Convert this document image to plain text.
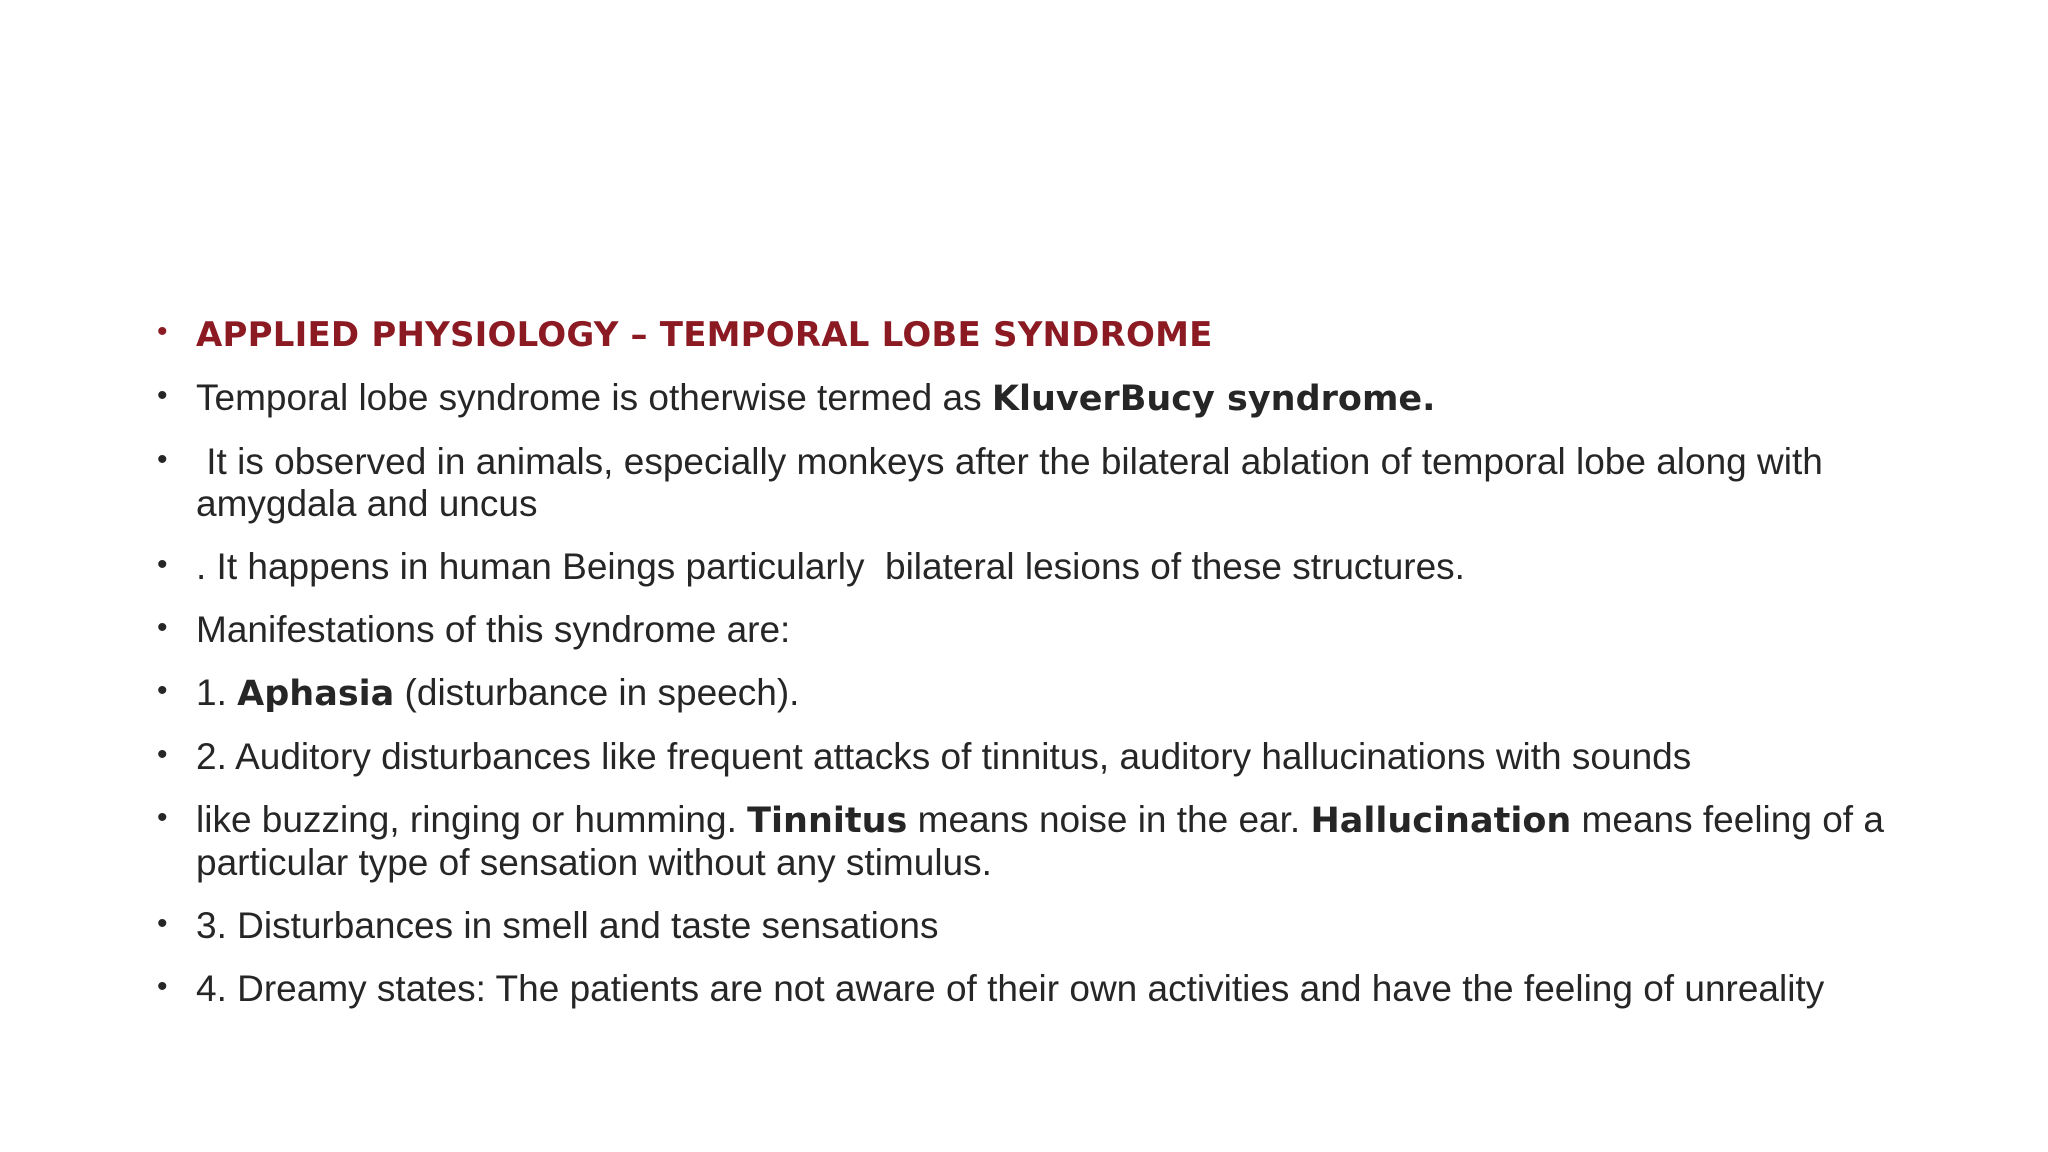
• APPLIED PHYSIOLOGY – TEMPORAL LOBE SYNDROME
• Temporal lobe syndrome is otherwise termed as KluverBucy syndrome.
• It is observed in animals, especially monkeys after the bilateral ablation of temporal lobe along with amygdala and uncus
• . It happens in human Beings particularly  bilateral lesions of these structures.
• Manifestations of this syndrome are:
• 1. Aphasia (disturbance in speech).
• 2. Auditory disturbances like frequent attacks of tinnitus, auditory hallucinations with sounds
• like buzzing, ringing or humming. Tinnitus means noise in the ear. Hallucination means feeling of a particular type of sensation without any stimulus.
• 3. Disturbances in smell and taste sensations
• 4. Dreamy states: The patients are not aware of their own activities and have the feeling of unreality
